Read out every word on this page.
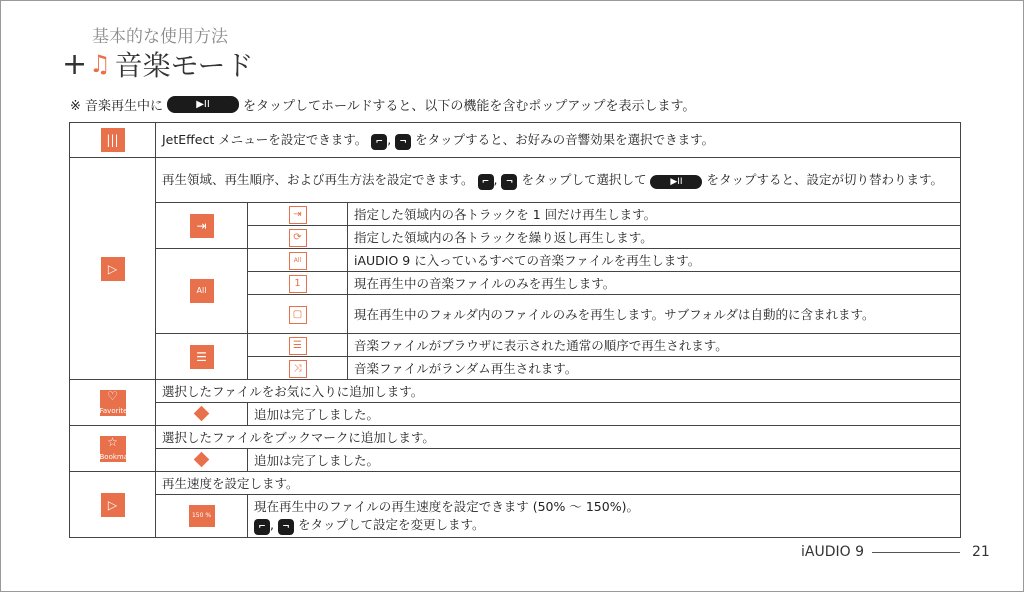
基本的な使用方法
+ ♫ 音楽モード
※ 音楽再生中に	▶II	をタップしてホールドすると、以下の機能を含むポップアップを表示します。
|||	JetEffect メニューを設定できます。 ⌐ , ¬ をタップすると、お好みの音響効果を選択できます。		
▷	再生領域、再生順序、および再生方法を設定できます。 ⌐ , ¬ をタップして選択して ▶II をタップすると、設定が切り替わります。		
	⇥	⇥	指定した領域内の各トラックを 1 回だけ再生します。
		⟳	指定した領域内の各トラックを繰り返し再生します。
	All	All	iAUDIO 9 に入っているすべての音楽ファイルを再生します。
		1	現在再生中の音楽ファイルのみを再生します。
		▢	現在再生中のフォルダ内のファイルのみを再生します。サブフォルダは自動的に含まれます。
	☰	☰	音楽ファイルがブラウザに表示された通常の順序で再生されます。
		⤨	音楽ファイルがランダム再生されます。
♡
Favorite	選択したファイルをお気に入りに追加します。		
		追加は完了しました。	
☆
Bookmark	選択したファイルをブックマークに追加します。		
		追加は完了しました。	
▷	再生速度を設定します。		
	150 %	現在再生中のファイルの再生速度を設定できます (50% 〜 150%)。
⌐ , ¬ をタップして設定を変更します。	
iAUDIO 9	21
